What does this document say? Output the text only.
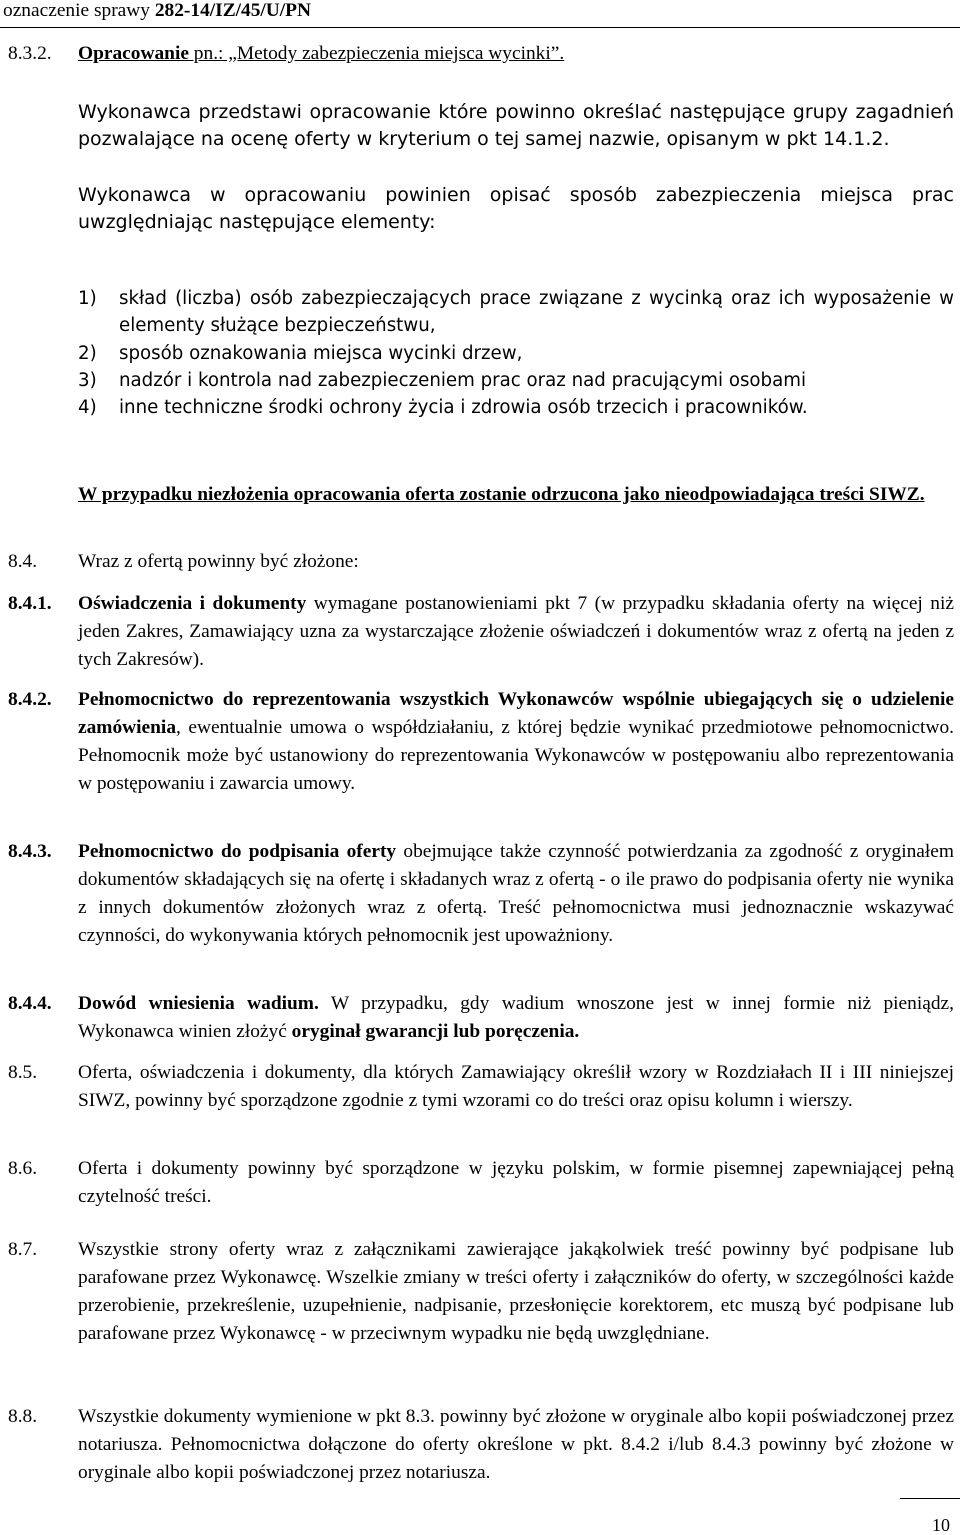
oznaczenie sprawy 282-14/IZ/45/U/PN
8.3.2. Opracowanie pn.: „Metody zabezpieczenia miejsca wycinki”.
Wykonawca przedstawi opracowanie które powinno określać następujące grupy zagadnień pozwalające na ocenę oferty w kryterium o tej samej nazwie, opisanym w pkt 14.1.2.
Wykonawca w opracowaniu powinien opisać sposób zabezpieczenia miejsca prac uwzględniając następujące elementy:
1) skład (liczba) osób zabezpieczających prace związane z wycinką oraz ich wyposażenie w elementy służące bezpieczeństwu,
2) sposób oznakowania miejsca wycinki drzew,
3) nadzór i kontrola nad zabezpieczeniem prac oraz nad pracującymi osobami
4) inne techniczne środki ochrony życia i zdrowia osób trzecich i pracowników.
W przypadku niezłożenia opracowania oferta zostanie odrzucona jako nieodpowiadająca treści SIWZ.
8.4. Wraz z ofertą powinny być złożone:
8.4.1. Oświadczenia i dokumenty wymagane postanowieniami pkt 7 (w przypadku składania oferty na więcej niż jeden Zakres, Zamawiający uzna za wystarczające złożenie oświadczeń i dokumentów wraz z ofertą na jeden z tych Zakresów).
8.4.2. Pełnomocnictwo do reprezentowania wszystkich Wykonawców wspólnie ubiegających się o udzielenie zamówienia, ewentualnie umowa o współdziałaniu, z której będzie wynikać przedmiotowe pełnomocnictwo. Pełnomocnik może być ustanowiony do reprezentowania Wykonawców w postępowaniu albo reprezentowania w postępowaniu i zawarcia umowy.
8.4.3. Pełnomocnictwo do podpisania oferty obejmujące także czynność potwierdzania za zgodność z oryginałem dokumentów składających się na ofertę i składanych wraz z ofertą - o ile prawo do podpisania oferty nie wynika z innych dokumentów złożonych wraz z ofertą. Treść pełnomocnictwa musi jednoznacznie wskazywać czynności, do wykonywania których pełnomocnik jest upoważniony.
8.4.4. Dowód wniesienia wadium. W przypadku, gdy wadium wnoszone jest w innej formie niż pieniądz, Wykonawca winien złożyć oryginał gwarancji lub poręczenia.
8.5. Oferta, oświadczenia i dokumenty, dla których Zamawiający określił wzory w Rozdziałach II i III niniejszej SIWZ, powinny być sporządzone zgodnie z tymi wzorami co do treści oraz opisu kolumn i wierszy.
8.6. Oferta i dokumenty powinny być sporządzone w języku polskim, w formie pisemnej zapewniającej pełną czytelność treści.
8.7. Wszystkie strony oferty wraz z załącznikami zawierające jakąkolwiek treść powinny być podpisane lub parafowane przez Wykonawcę. Wszelkie zmiany w treści oferty i załączników do oferty, w szczególności każde przerobienie, przekreślenie, uzupełnienie, nadpisanie, przesłonięcie korektorem, etc muszą być podpisane lub parafowane przez Wykonawcę - w przeciwnym wypadku nie będą uwzględniane.
8.8. Wszystkie dokumenty wymienione w pkt 8.3. powinny być złożone w oryginale albo kopii poświadczonej przez notariusza. Pełnomocnictwa dołączone do oferty określone w pkt. 8.4.2 i/lub 8.4.3 powinny być złożone w oryginale albo kopii poświadczonej przez notariusza.
10
